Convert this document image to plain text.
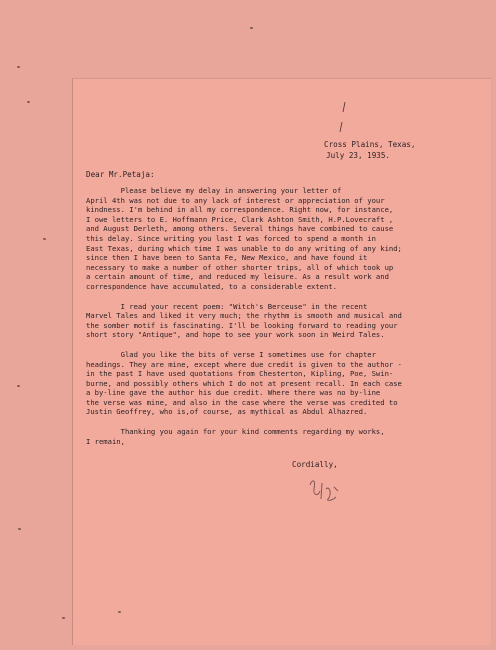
Cross Plains, Texas,
July 23, 1935.
Dear Mr.Petaja:
Please believe my delay in answering your letter of
April 4th was not due to any lack of interest or appreciation of your
kindness. I'm behind in all my correspondence. Right now, for instance,
I owe letters to E. Hoffmann Price, Clark Ashton Smith, H.P.Lovecraft ,
and August Derleth, among others. Several things have combined to cause
this delay. Since writing you last I was forced to spend a month in
East Texas, during which time I was unable to do any writing of any kind;
since then I have been to Santa Fe, New Mexico, and have found it
necessary to make a number of other shorter trips, all of which took up
a certain amount of time, and reduced my leisure. As a result work and
correspondence have accumulated, to a considerable extent.
I read your recent poem: "Witch's Berceuse" in the recent
Marvel Tales and liked it very much; the rhythm is smooth and musical and
the somber motif is fascinating. I'll be looking forward to reading your
short story "Antique", and hope to see your work soon in Weird Tales.
Glad you like the bits of verse I sometimes use for chapter
headings. They are mine, except where due credit is given to the author -
in the past I have used quotations from Chesterton, Kipling, Poe, Swin-
burne, and possibly others which I do not at present recall. In each case
a by-line gave the author his due credit. Where there was no by-line
the verse was mine, and also in the case where the verse was credited to
Justin Geoffrey, who is,of course, as mythical as Abdul Alhazred.
Thanking you again for your kind comments regarding my works,
I remain,
Cordially,
